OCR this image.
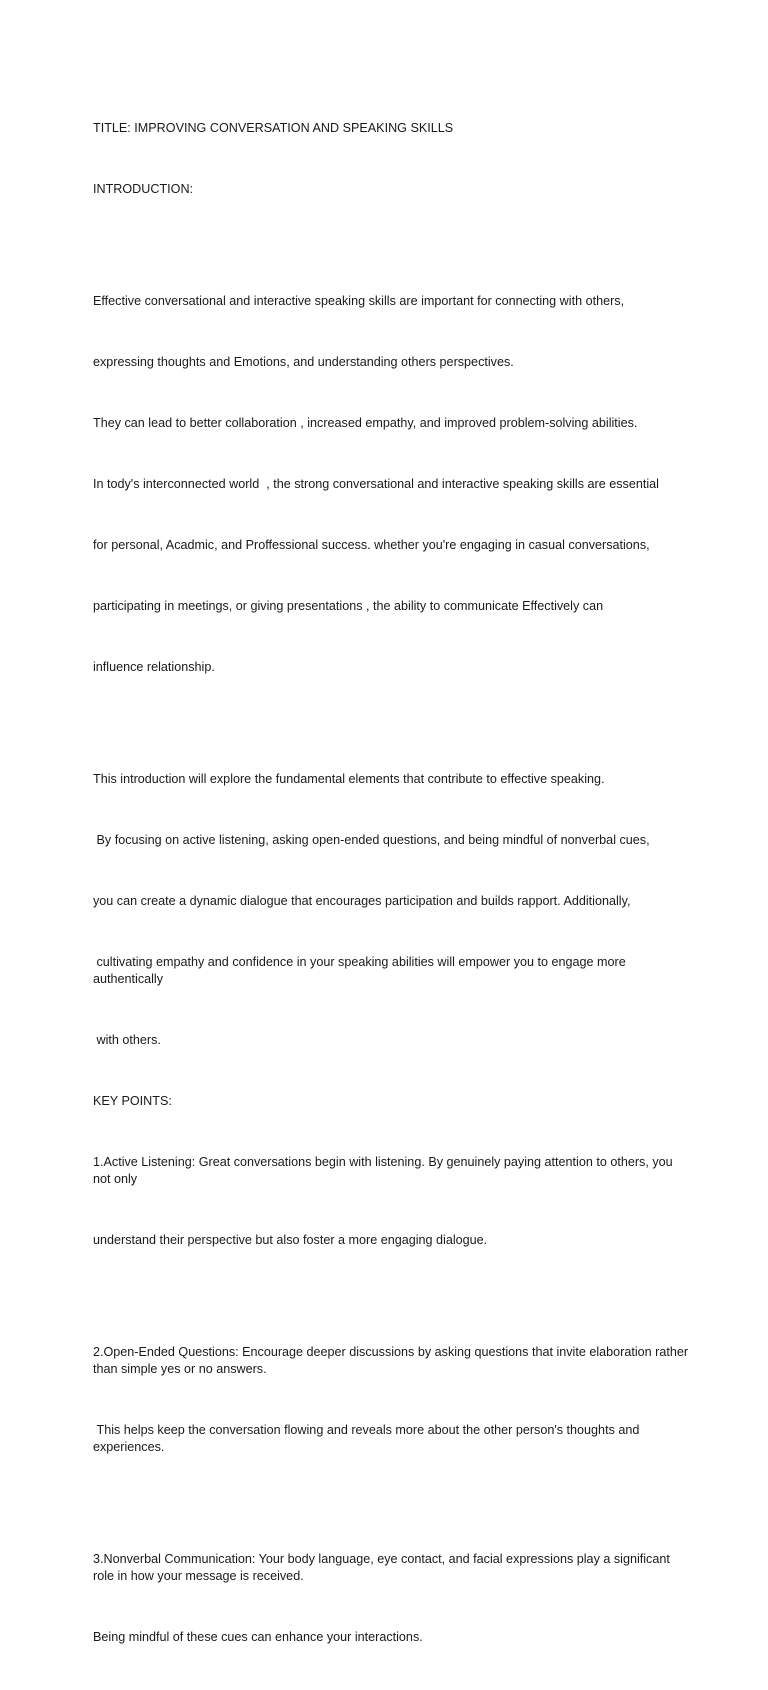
TITLE: IMPROVING CONVERSATION AND SPEAKING SKILLS

INTRODUCTION:

Effective conversational and interactive speaking skills are important for connecting with others,

expressing thoughts and Emotions, and understanding others perspectives.

They can lead to better collaboration , increased empathy, and improved problem-solving abilities.

In tody's interconnected world  , the strong conversational and interactive speaking skills are essential

for personal, Acadmic, and Proffessional success. whether you're engaging in casual conversations,

participating in meetings, or giving presentations , the ability to communicate Effectively can

influence relationship.

This introduction will explore the fundamental elements that contribute to effective speaking.

By focusing on active listening, asking open-ended questions, and being mindful of nonverbal cues,

you can create a dynamic dialogue that encourages participation and builds rapport. Additionally,

cultivating empathy and confidence in your speaking abilities will empower you to engage more authentically

with others.

KEY POINTS:

1.Active Listening: Great conversations begin with listening. By genuinely paying attention to others, you not only

understand their perspective but also foster a more engaging dialogue.

2.Open-Ended Questions: Encourage deeper discussions by asking questions that invite elaboration rather than simple yes or no answers.

This helps keep the conversation flowing and reveals more about the other person's thoughts and experiences.

3.Nonverbal Communication: Your body language, eye contact, and facial expressions play a significant role in how your message is received.

Being mindful of these cues can enhance your interactions.
